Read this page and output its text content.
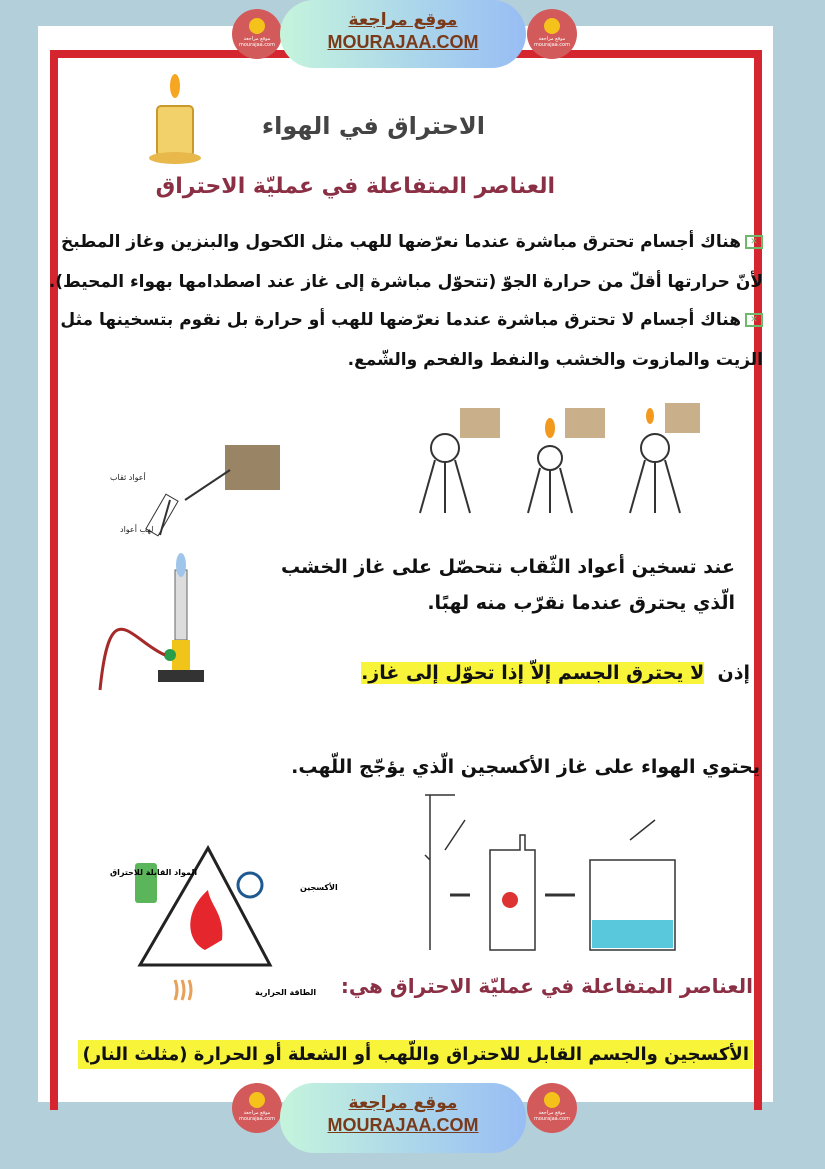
موقع مراجعة mourajaa.com
موقع مراجعة
MOURAJAA.COM	موقع مراجعة mourajaa.com
الاحتراق في الهواء
العناصر المتفاعلة في عمليّة الاحتراق
✕هناك أجسام تحترق مباشرة عندما نعرّضها للهب مثل الكحول والبنزين وغاز المطبخ
لأنّ حرارتها أقلّ من حرارة الجوّ (تتحوّل مباشرة إلى غاز عند اصطدامها بهواء المحيط).
✕هناك أجسام لا تحترق مباشرة عندما نعرّضها للهب أو حرارة بل نقوم بتسخينها مثل
الزيت والمازوت والخشب والنفط والفحم والشّمع.
أعواد ثقاب
لهب أعواد
عند تسخين أعواد الثّقاب نتحصّل على غاز الخشب
الّذي يحترق عندما نقرّب منه لهبًا.
إذن  لا يحترق الجسم إلاّ إذا تحوّل إلى غاز.
يحتوي الهواء على غاز الأكسجين الّذي يؤجّج اللّهب.
المواد القابلة للاحتراق
الأكسجين
الطاقة الحرارية العناصر المتفاعلة في عمليّة الاحتراق هي:
الأكسجين والجسم القابل للاحتراق واللّهب أو الشعلة أو الحرارة (مثلث النار)
موقع مراجعة mourajaa.com
موقع مراجعة
MOURAJAA.COM
موقع مراجعة mourajaa.com
